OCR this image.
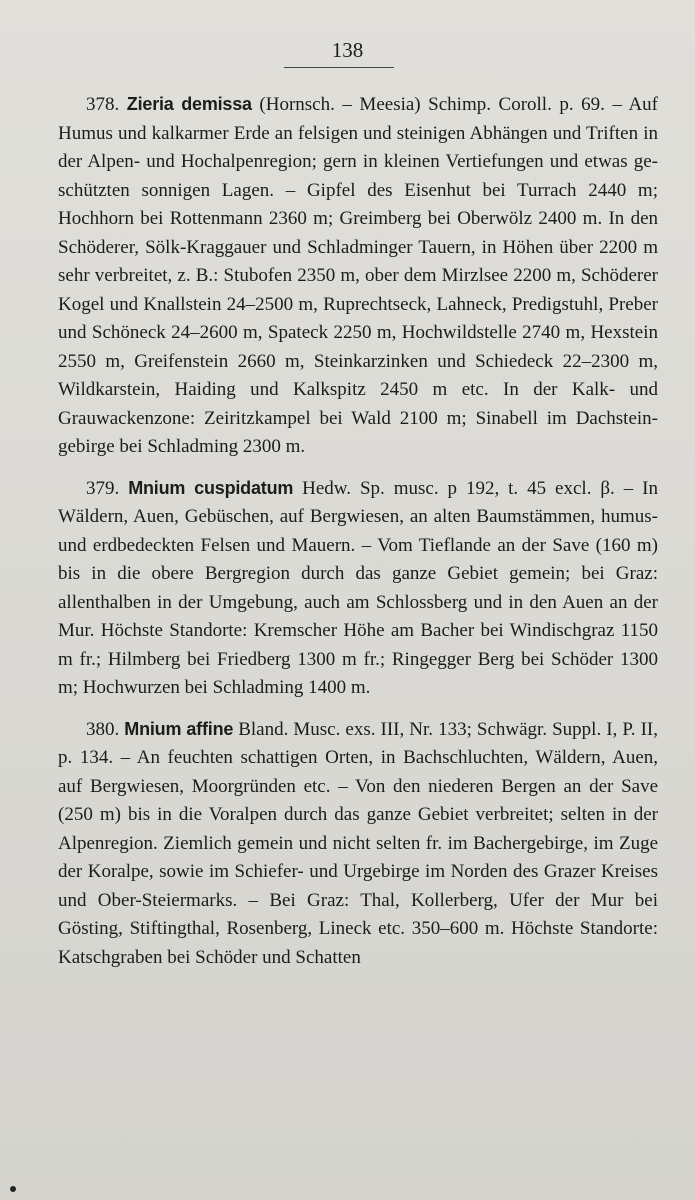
138

378. Zieria demissa (Hornsch. – Meesia) Schimp. Coroll. p. 69. – Auf Humus und kalkarmer Erde an felsigen und steinigen Abhängen und Triften in der Alpen- und Hochalpenregion; gern in kleinen Vertiefungen und etwas geschützten sonnigen Lagen. – Gipfel des Eisenhut bei Turrach 2440 m; Hochhorn bei Rottenmann 2360 m; Greimberg bei Oberwölz 2400 m. In den Schöderer, Sölk-Kraggauer und Schladminger Tauern, in Höhen über 2200 m sehr verbreitet, z. B.: Stubofen 2350 m, ober dem Mirzlsee 2200 m, Schöderer Kogel und Knallstein 24–2500 m, Ruprechtseck, Lahneck, Predigstuhl, Preber und Schöneck 24–2600 m, Spateck 2250 m, Hochwildstelle 2740 m, Hexstein 2550 m, Greifenstein 2660 m, Steinkarzinken und Schiedeck 22–2300 m, Wildkarstein, Haiding und Kalkspitz 2450 m etc. In der Kalk- und Grauwackenzone: Zeiritzkampel bei Wald 2100 m; Sinabell im Dachsteingebirge bei Schladming 2300 m.

379. Mnium cuspidatum Hedw. Sp. musc. p 192, t. 45 excl. β. – In Wäldern, Auen, Gebüschen, auf Bergwiesen, an alten Baumstämmen, humus- und erdbedeckten Felsen und Mauern. – Vom Tieflande an der Save (160 m) bis in die obere Bergregion durch das ganze Gebiet gemein; bei Graz: allenthalben in der Umgebung, auch am Schlossberg und in den Auen an der Mur. Höchste Standorte: Kremscher Höhe am Bacher bei Windischgraz 1150 m fr.; Hilmberg bei Friedberg 1300 m fr.; Ringegger Berg bei Schöder 1300 m; Hochwurzen bei Schladming 1400 m.

380. Mnium affine Bland. Musc. exs. III, Nr. 133; Schwägr. Suppl. I, P. II, p. 134. – An feuchten schattigen Orten, in Bachschluchten, Wäldern, Auen, auf Bergwiesen, Moorgründen etc. – Von den niederen Bergen an der Save (250 m) bis in die Voralpen durch das ganze Gebiet verbreitet; selten in der Alpenregion. Ziemlich gemein und nicht selten fr. im Bachergebirge, im Zuge der Koralpe, sowie im Schiefer- und Urgebirge im Norden des Grazer Kreises und Ober-Steiermarks. – Bei Graz: Thal, Kollerberg, Ufer der Mur bei Gösting, Stiftingthal, Rosenberg, Lineck etc. 350–600 m. Höchste Standorte: Katschgraben bei Schöder und Schatten
